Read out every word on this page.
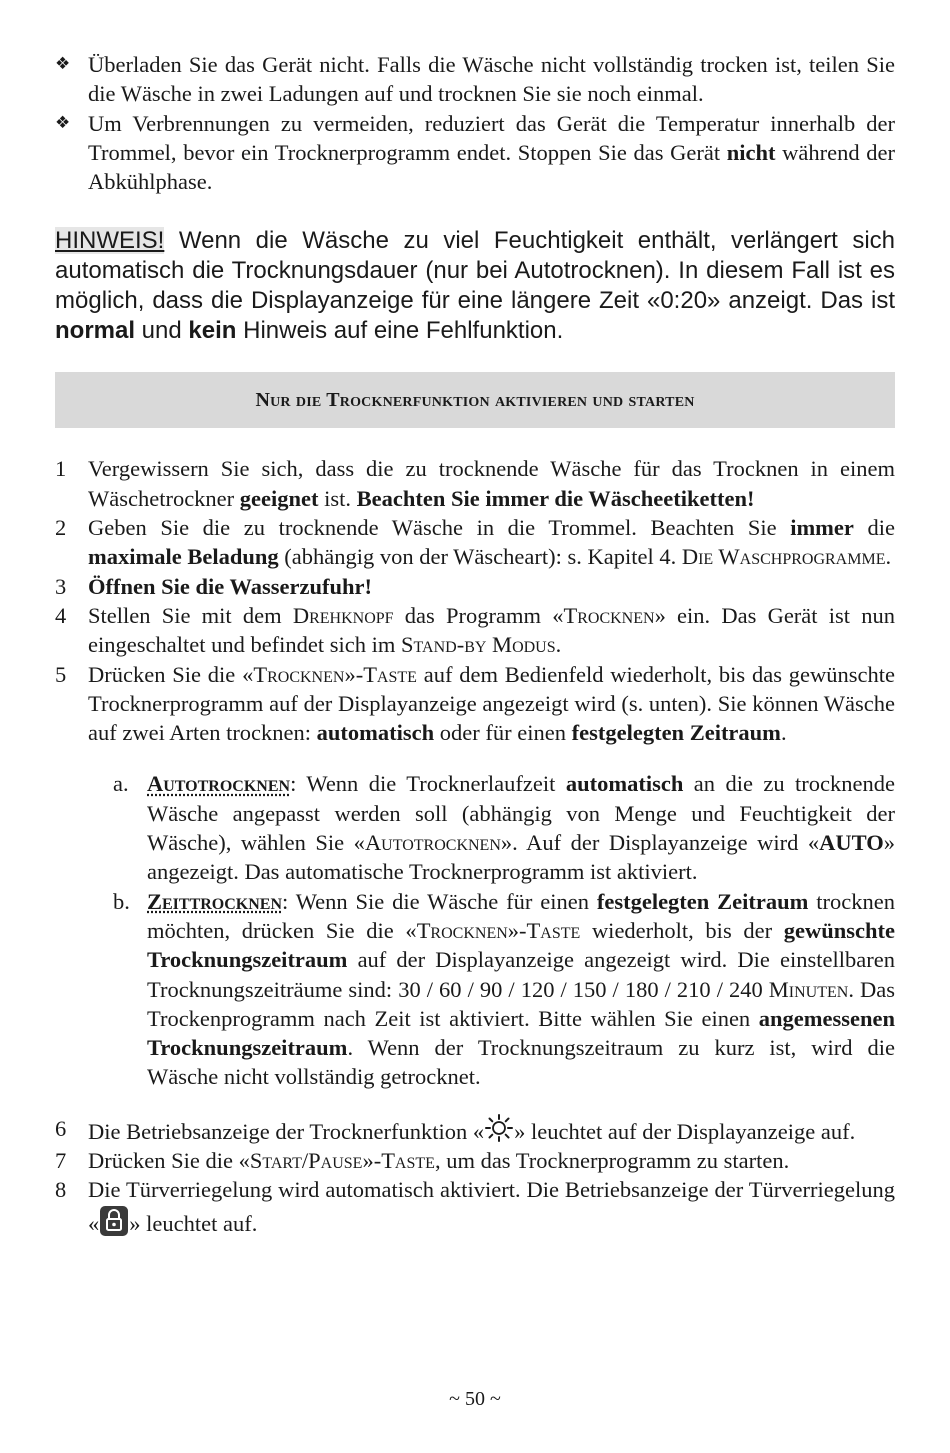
❖ Überladen Sie das Gerät nicht. Falls die Wäsche nicht vollständig trocken ist, teilen Sie die Wäsche in zwei Ladungen auf und trocknen Sie sie noch einmal.
❖ Um Verbrennungen zu vermeiden, reduziert das Gerät die Temperatur innerhalb der Trommel, bevor ein Trocknerprogramm endet. Stoppen Sie das Gerät nicht während der Abkühlphase.
HINWEIS! Wenn die Wäsche zu viel Feuchtigkeit enthält, verlängert sich automatisch die Trocknungsdauer (nur bei Autotrocknen). In diesem Fall ist es möglich, dass die Displayanzeige für eine längere Zeit «0:20» anzeigt. Das ist normal und kein Hinweis auf eine Fehlfunktion.
Nur die Trocknerfunktion aktivieren und starten
1 Vergewissern Sie sich, dass die zu trocknende Wäsche für das Trocknen in einem Wäschetrockner geeignet ist. Beachten Sie immer die Wäscheetiketten!
2 Geben Sie die zu trocknende Wäsche in die Trommel. Beachten Sie immer die maximale Beladung (abhängig von der Wäscheart): s. Kapitel 4. Die Waschprogramme.
3 Öffnen Sie die Wasserzufuhr!
4 Stellen Sie mit dem Drehknopf das Programm «Trocknen» ein. Das Gerät ist nun eingeschaltet und befindet sich im Stand-by Modus.
5 Drücken Sie die «Trocknen»-Taste auf dem Bedienfeld wiederholt, bis das gewünschte Trocknerprogramm auf der Displayanzeige angezeigt wird (s. unten). Sie können Wäsche auf zwei Arten trocknen: automatisch oder für einen festgelegten Zeitraum.
a. Autotrocknen: Wenn die Trocknerlaufzeit automatisch an die zu trocknende Wäsche angepasst werden soll (abhängig von Menge und Feuchtigkeit der Wäsche), wählen Sie «Autotrocknen». Auf der Displayanzeige wird «AUTO» angezeigt. Das automatische Trocknerprogramm ist aktiviert.
b. Zeittrocknen: Wenn Sie die Wäsche für einen festgelegten Zeitraum trocknen möchten, drücken Sie die «Trocknen»-Taste wiederholt, bis der gewünschte Trocknungszeitraum auf der Displayanzeige angezeigt wird. Die einstellbaren Trocknungszeiträume sind: 30 / 60 / 90 / 120 / 150 / 180 / 210 / 240 Minuten. Das Trockenprogramm nach Zeit ist aktiviert. Bitte wählen Sie einen angemessenen Trocknungszeitraum. Wenn der Trocknungszeitraum zu kurz ist, wird die Wäsche nicht vollständig getrocknet.
6 Die Betriebsanzeige der Trocknerfunktion « » leuchtet auf der Displayanzeige auf.
7 Drücken Sie die «Start/Pause»-Taste, um das Trocknerprogramm zu starten.
8 Die Türverriegelung wird automatisch aktiviert. Die Betriebsanzeige der Türverriegelung « » leuchtet auf.
~ 50 ~
